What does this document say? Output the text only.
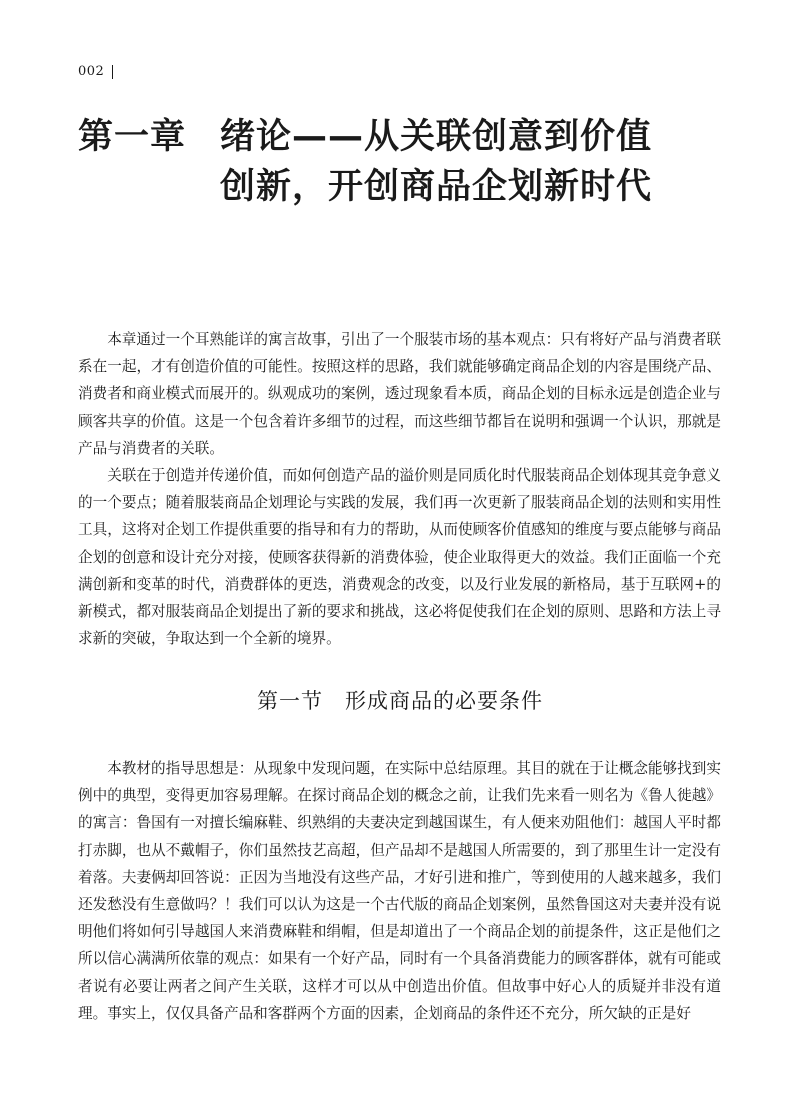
002
第一章 绪论——从关联创意到价值
创新，开创商品企划新时代

本章通过一个耳熟能详的寓言故事，引出了一个服装市场的基本观点：只有将好产品与消费者联系在一起，才有创造价值的可能性。按照这样的思路，我们就能够确定商品企划的内容是围绕产品、消费者和商业模式而展开的。纵观成功的案例，透过现象看本质，商品企划的目标永远是创造企业与顾客共享的价值。这是一个包含着许多细节的过程，而这些细节都旨在说明和强调一个认识，那就是产品与消费者的关联。

关联在于创造并传递价值，而如何创造产品的溢价则是同质化时代服装商品企划体现其竞争意义的一个要点；随着服装商品企划理论与实践的发展，我们再一次更新了服装商品企划的法则和实用性工具，这将对企划工作提供重要的指导和有力的帮助，从而使顾客价值感知的维度与要点能够与商品企划的创意和设计充分对接，使顾客获得新的消费体验，使企业取得更大的效益。我们正面临一个充满创新和变革的时代，消费群体的更迭，消费观念的改变，以及行业发展的新格局，基于互联网+的新模式，都对服装商品企划提出了新的要求和挑战，这必将促使我们在企划的原则、思路和方法上寻求新的突破，争取达到一个全新的境界。

第一节 形成商品的必要条件

本教材的指导思想是：从现象中发现问题，在实际中总结原理。其目的就在于让概念能够找到实例中的典型，变得更加容易理解。在探讨商品企划的概念之前，让我们先来看一则名为《鲁人徙越》的寓言：鲁国有一对擅长编麻鞋、织熟绢的夫妻决定到越国谋生，有人便来劝阻他们：越国人平时都打赤脚，也从不戴帽子，你们虽然技艺高超，但产品却不是越国人所需要的，到了那里生计一定没有着落。夫妻俩却回答说：正因为当地没有这些产品，才好引进和推广，等到使用的人越来越多，我们还发愁没有生意做吗？！我们可以认为这是一个古代版的商品企划案例，虽然鲁国这对夫妻并没有说明他们将如何引导越国人来消费麻鞋和绢帽，但是却道出了一个商品企划的前提条件，这正是他们之所以信心满满所依靠的观点：如果有一个好产品，同时有一个具备消费能力的顾客群体，就有可能或者说有必要让两者之间产生关联，这样才可以从中创造出价值。但故事中好心人的质疑并非没有道理。事实上，仅仅具备产品和客群两个方面的因素，企划商品的条件还不充分，所欠缺的正是好
